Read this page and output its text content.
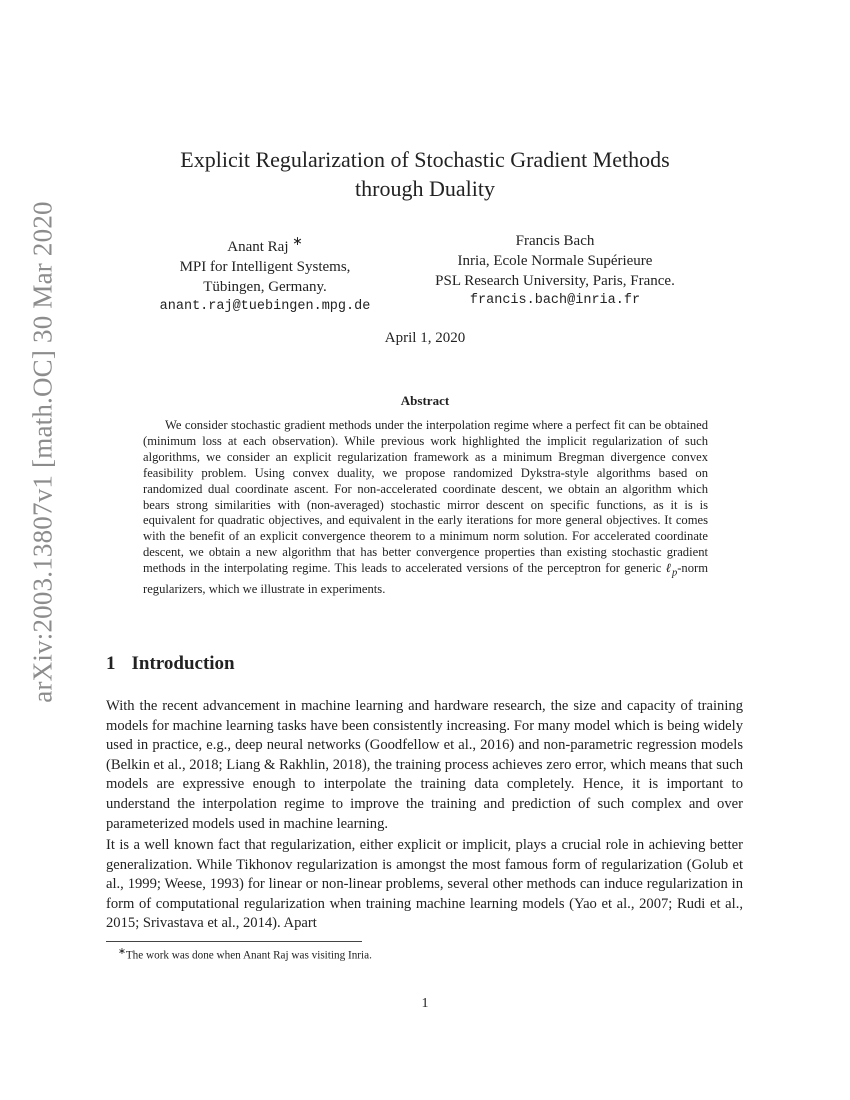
arXiv:2003.13807v1 [math.OC] 30 Mar 2020
Explicit Regularization of Stochastic Gradient Methods
through Duality
Anant Raj ∗
MPI for Intelligent Systems,
Tübingen, Germany.
anant.raj@tuebingen.mpg.de
Francis Bach
Inria, Ecole Normale Supérieure
PSL Research University, Paris, France.
francis.bach@inria.fr
April 1, 2020
Abstract

We consider stochastic gradient methods under the interpolation regime where a perfect fit can be obtained (minimum loss at each observation). While previous work highlighted the implicit regularization of such algorithms, we consider an explicit regularization framework as a minimum Bregman divergence convex feasibility problem. Using convex duality, we propose randomized Dykstra-style algorithms based on randomized dual coordinate ascent. For non-accelerated coordinate descent, we obtain an algorithm which bears strong similarities with (non-averaged) stochastic mirror descent on specific functions, as it is is equivalent for quadratic objectives, and equivalent in the early iterations for more general objectives. It comes with the benefit of an explicit convergence theorem to a minimum norm solution. For accelerated coordinate descent, we obtain a new algorithm that has better convergence properties than existing stochastic gradient methods in the interpolating regime. This leads to accelerated versions of the perceptron for generic ℓ$_p$-norm regularizers, which we illustrate in experiments.

1 Introduction

With the recent advancement in machine learning and hardware research, the size and capacity of training models for machine learning tasks have been consistently increasing. For many model which is being widely used in practice, e.g., deep neural networks (Goodfellow et al., 2016) and non-parametric regression models (Belkin et al., 2018; Liang & Rakhlin, 2018), the training process achieves zero error, which means that such models are expressive enough to interpolate the training data completely. Hence, it is important to understand the interpolation regime to improve the training and prediction of such complex and over parameterized models used in machine learning.

It is a well known fact that regularization, either explicit or implicit, plays a crucial role in achieving better generalization. While Tikhonov regularization is amongst the most famous form of regularization (Golub et al., 1999; Weese, 1993) for linear or non-linear problems, several other methods can induce regularization in form of computational regularization when training machine learning models (Yao et al., 2007; Rudi et al., 2015; Srivastava et al., 2014). Apart

∗The work was done when Anant Raj was visiting Inria.
1
